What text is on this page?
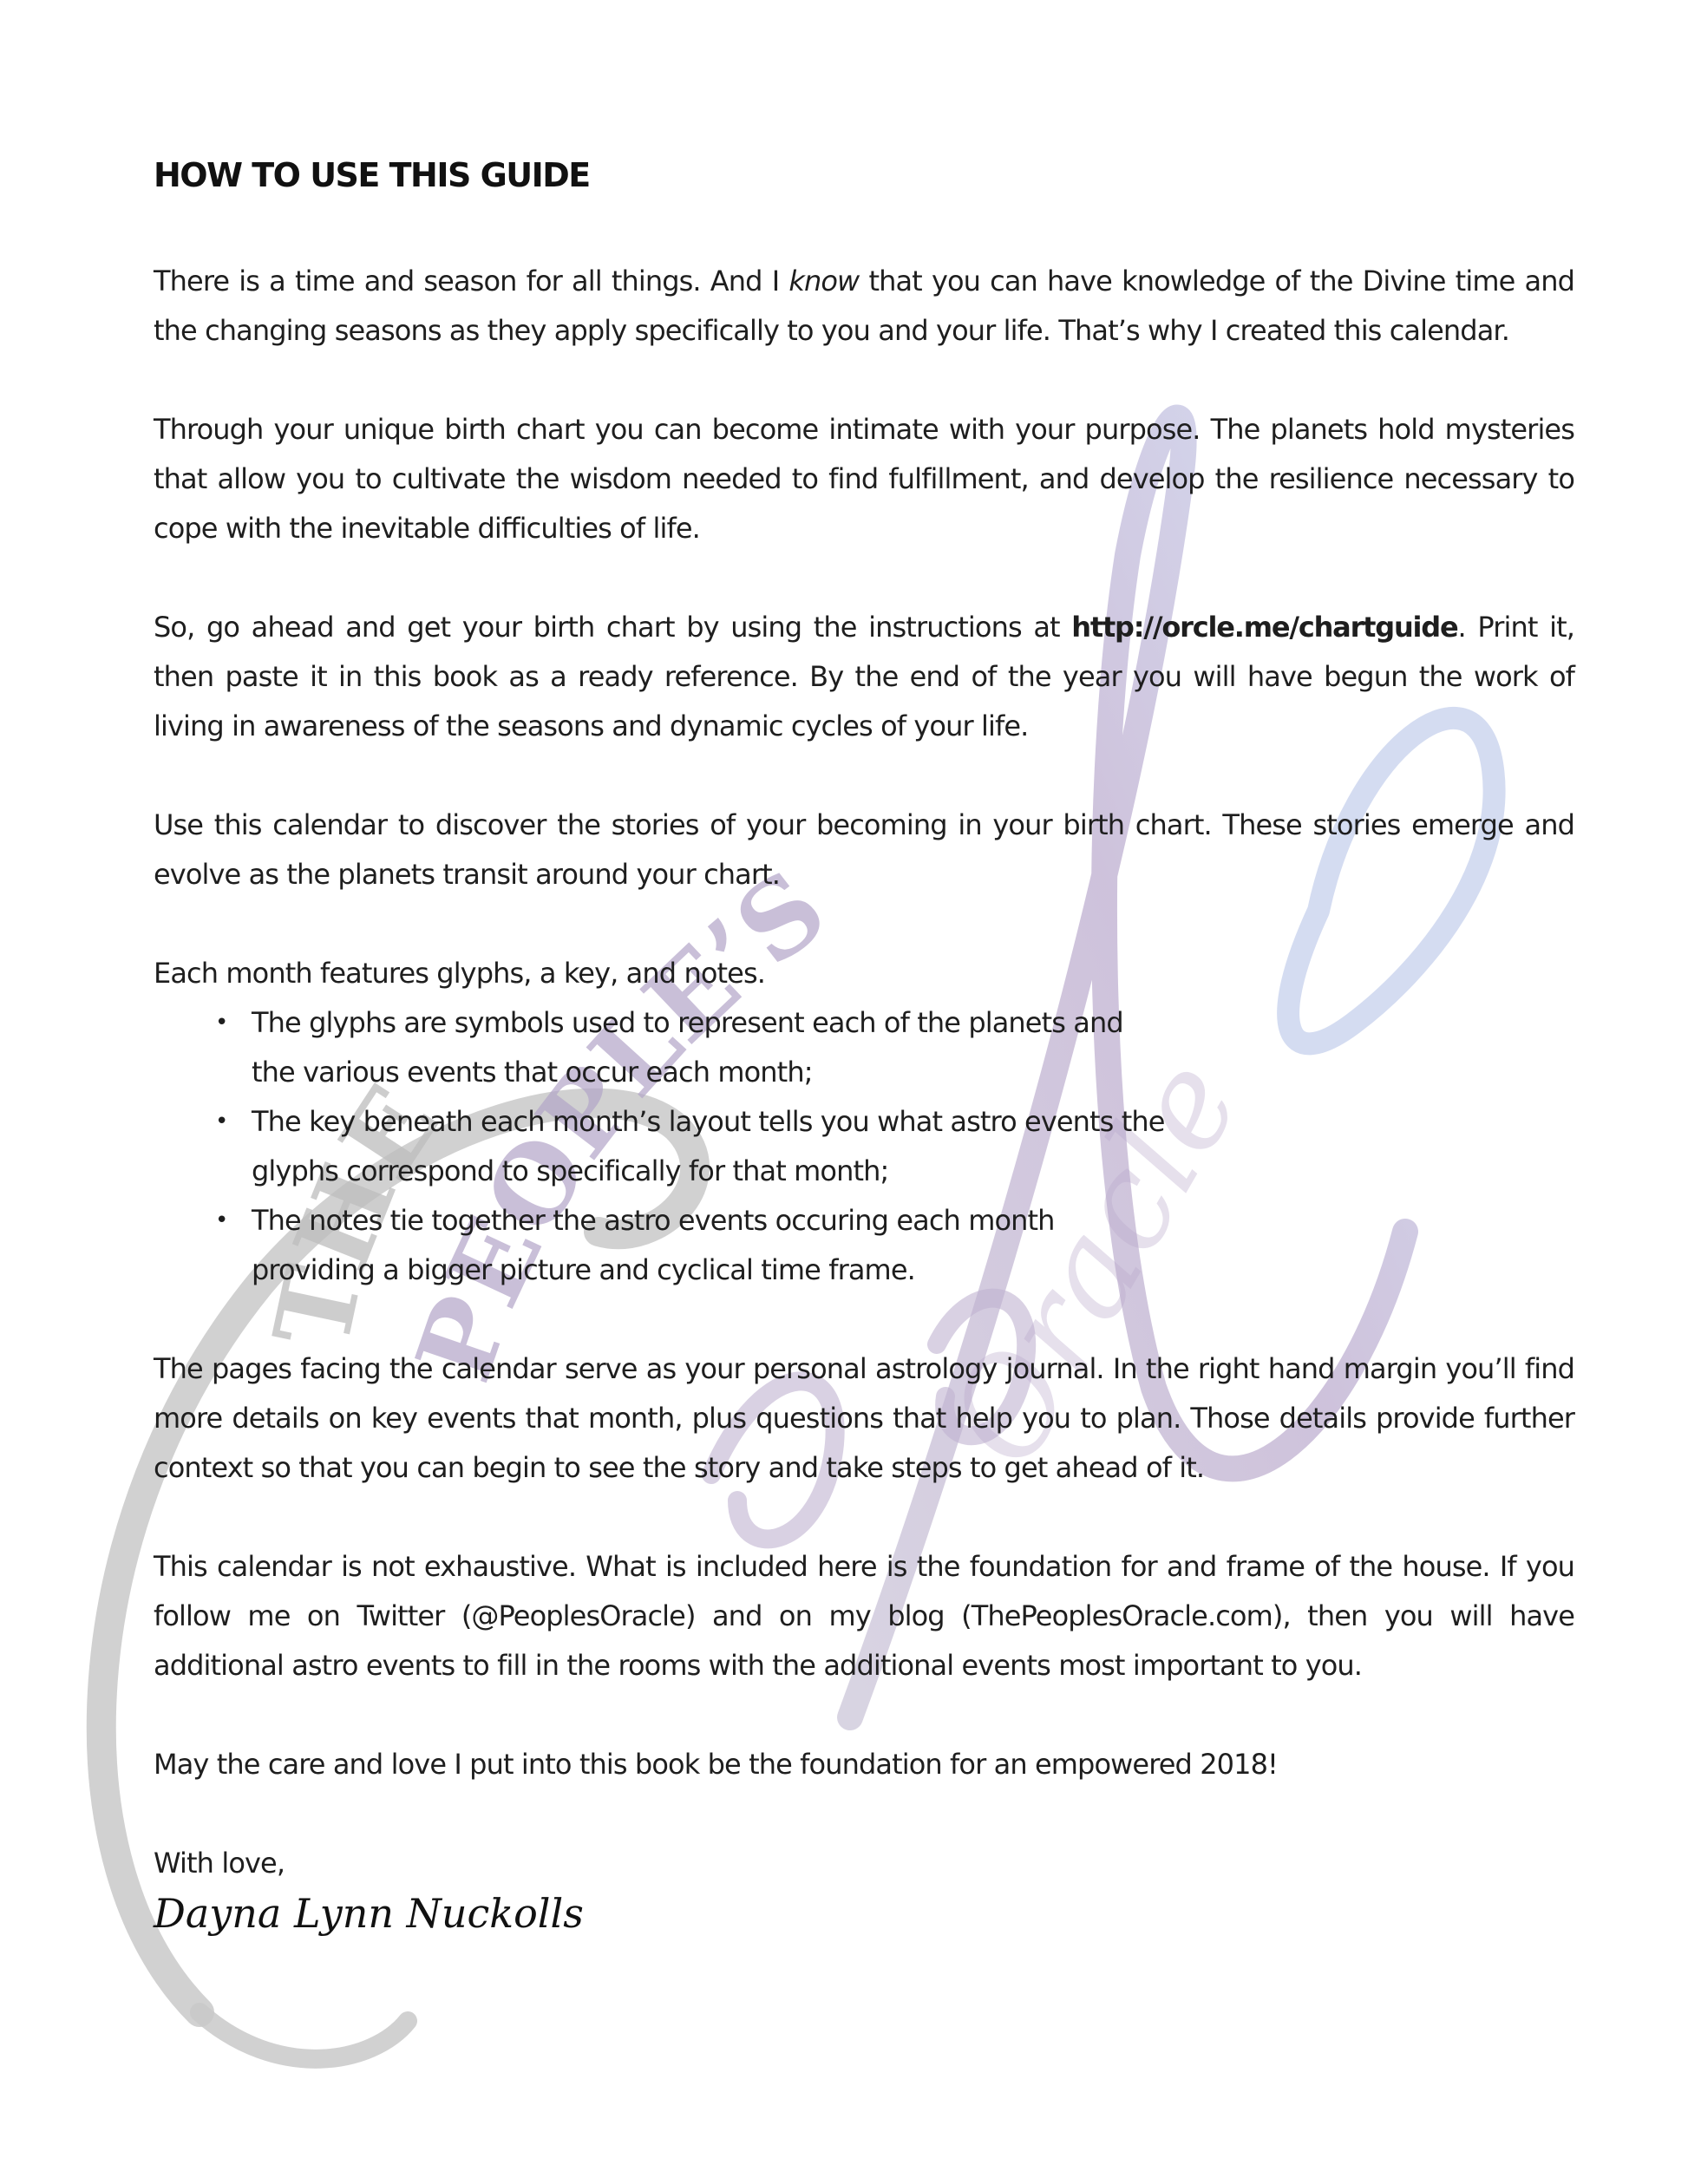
THE
PEOPLE’S
Oracle
HOW TO USE THIS GUIDE

There is a time and season for all things. And I know that you can have knowledge of the Divine time and the changing seasons as they apply specifically to you and your life. That’s why I created this calendar.

Through your unique birth chart you can become intimate with your purpose. The planets hold mysteries that allow you to cultivate the wisdom needed to find fulfillment, and develop the resilience necessary to cope with the inevitable difficulties of life.

So, go ahead and get your birth chart by using the instructions at http://orcle.me/chartguide. Print it, then paste it in this book as a ready reference. By the end of the year you will have begun the work of living in awareness of the seasons and dynamic cycles of your life.

Use this calendar to discover the stories of your becoming in your birth chart. These stories emerge and evolve as the planets transit around your chart.

Each month features glyphs, a key, and notes.

• The glyphs are symbols used to represent each of the planets and the various events that occur each month;
• The key beneath each month’s layout tells you what astro events the glyphs correspond to specifically for that month;
• The notes tie together the astro events occuring each month providing a bigger picture and cyclical time frame.

The pages facing the calendar serve as your personal astrology journal. In the right hand margin you’ll find more details on key events that month, plus questions that help you to plan. Those details provide further context so that you can begin to see the story and take steps to get ahead of it.

This calendar is not exhaustive. What is included here is the foundation for and frame of the house. If you follow me on Twitter (@PeoplesOracle) and on my blog (ThePeoplesOracle.com), then you will have additional astro events to fill in the rooms with the additional events most important to you.

May the care and love I put into this book be the foundation for an empowered 2018!

With love,
Dayna Lynn Nuckolls
